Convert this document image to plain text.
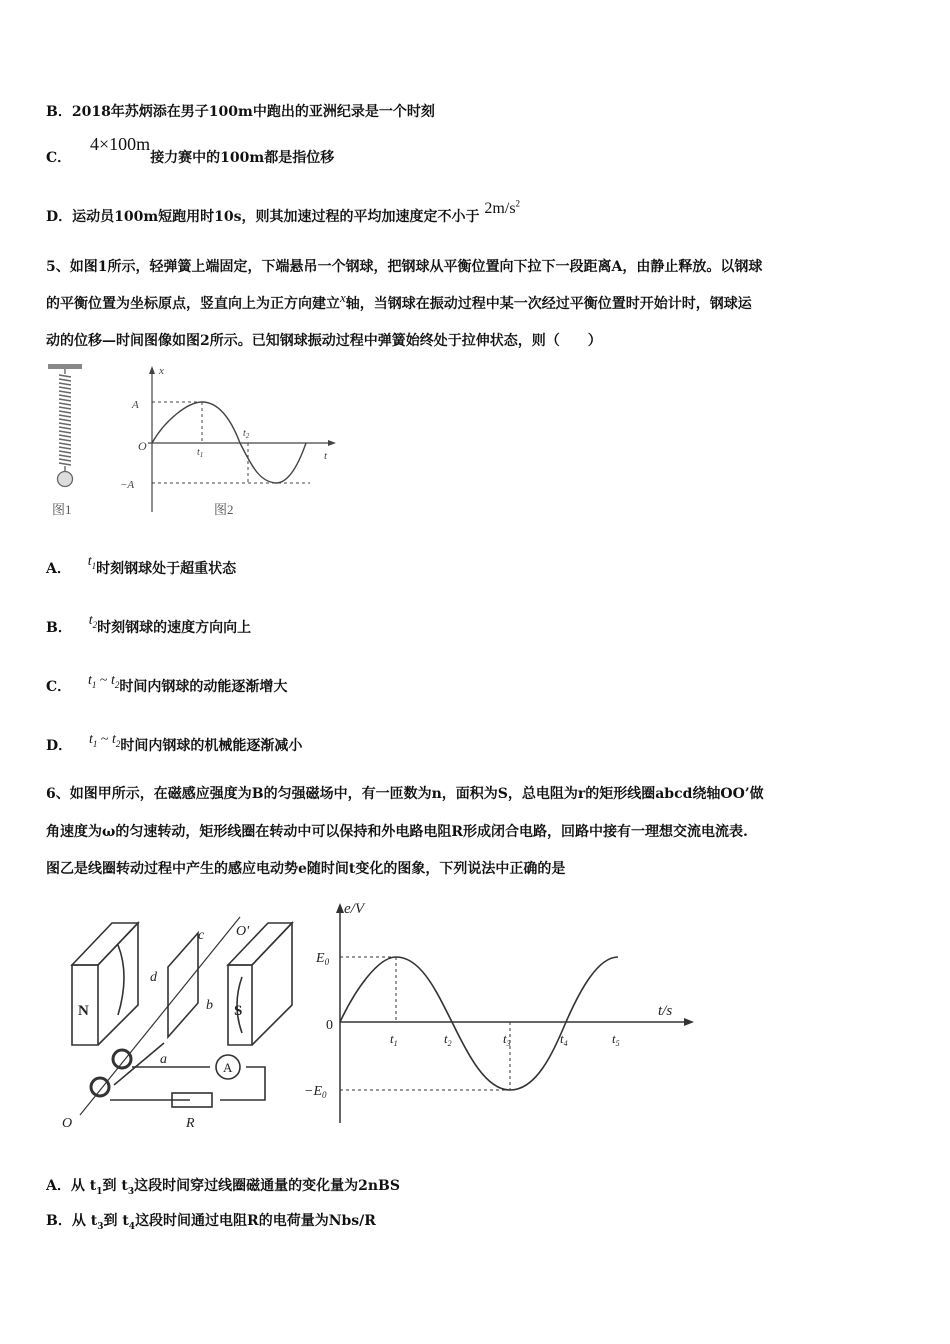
B．2018年苏炳添在男子100m中跑出的亚洲纪录是一个时刻
C． 4×100m接力赛中的100m都是指位移
D．运动员100m短跑用时10s，则其加速过程的平均加速度定不小于 $2m/s^2$
5、如图1所示，轻弹簧上端固定，下端悬吊一个钢球，把钢球从平衡位置向下拉下一段距离A，由静止释放。以钢球
的平衡位置为坐标原点，竖直向上为正方向建立x轴，当钢球在振动过程中某一次经过平衡位置时开始计时，钢球运
动的位移—时间图像如图2所示。已知钢球振动过程中弹簧始终处于拉伸状态，则（　　）
图1
x
t
O
A
−A
$t_1$
$t_2$
图2
A． $t_1$时刻钢球处于超重状态
B． $t_2$时刻钢球的速度方向向上
C． $t_1$ ~ $t_2$时间内钢球的动能逐渐增大
D． $t_1$ ~ $t_2$时间内钢球的机械能逐渐减小
6、如图甲所示，在磁感应强度为B的匀强磁场中，有一匝数为n，面积为S，总电阻为r的矩形线圈abcd绕轴OO’做
角速度为ω的匀速转动，矩形线圈在转动中可以保持和外电路电阻R形成闭合电路，回路中接有一理想交流电流表.
图乙是线圈转动过程中产生的感应电动势e随时间t变化的图象，下列说法中正确的是
N	S
a
b
c
d
O'
O
A
R
e/V
t/s
0
$E_0$
$-E_0$
$t_1$	$t_2$	$t_3$	$t_4$	$t_5$
A．从 $t_1$到 $t_3$这段时间穿过线圈磁通量的变化量为2nBS
B．从 $t_3$到 $t_4$这段时间通过电阻R的电荷量为Nbs/R
